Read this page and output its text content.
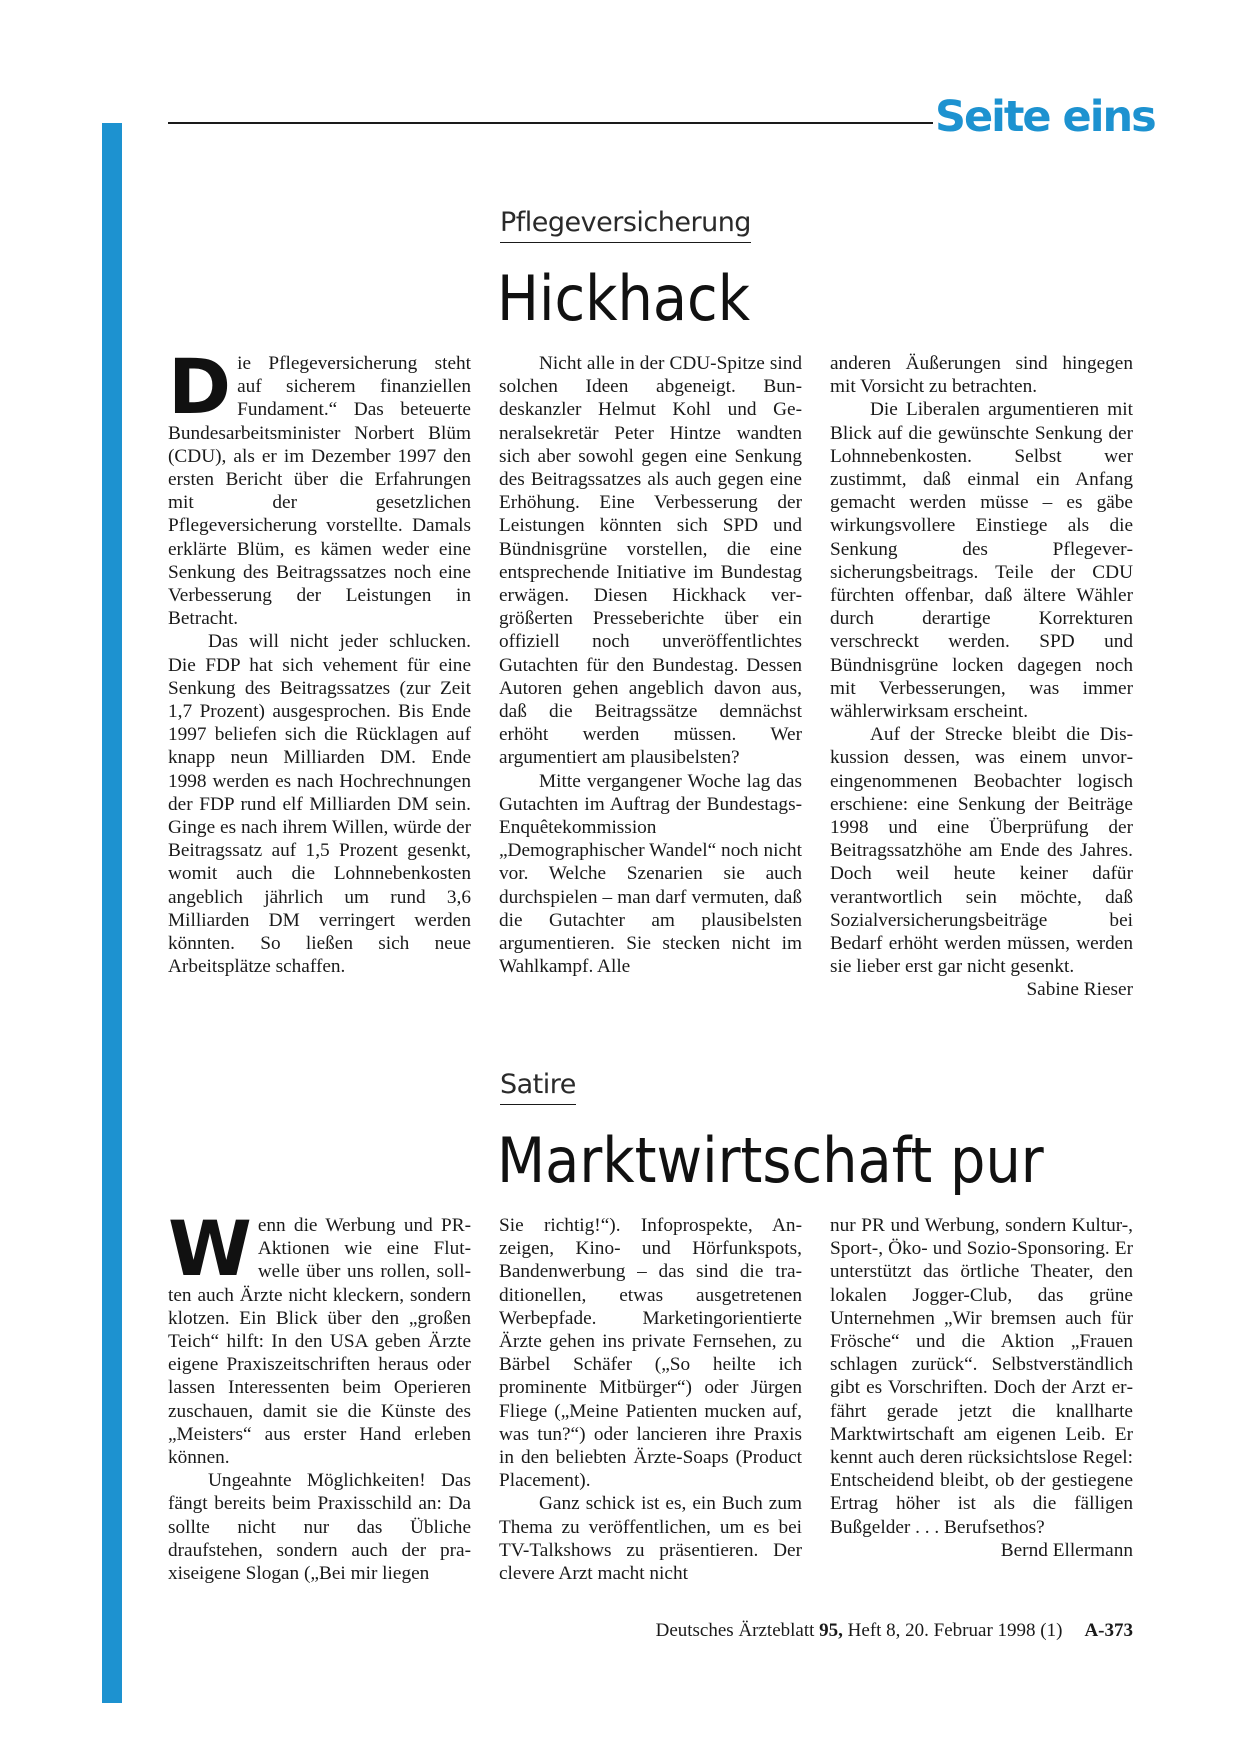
Seite eins
Pflegeversicherung
Hickhack

Die Pflegeversicherung steht auf sicherem finanziellen Fundament.“ Das beteuerte Bundesarbeitsminister Norbert Blüm (CDU), als er im Dezember 1997 den ersten Bericht über die Erfahrungen mit der gesetzlichen Pflegeversicherung vorstellte. Damals erklärte Blüm, es kämen weder eine Senkung des Beitragssatzes noch eine Verbesserung der Leistungen in Betracht.

Das will nicht jeder schlucken. Die FDP hat sich vehement für eine Senkung des Beitragssatzes (zur Zeit 1,7 Prozent) ausgesprochen. Bis Ende 1997 beliefen sich die Rücklagen auf knapp neun Milliarden DM. Ende 1998 werden es nach Hochrechnungen der FDP rund elf Milliarden DM sein. Ginge es nach ihrem Willen, würde der Beitragssatz auf 1,5 Prozent gesenkt, womit auch die Lohnnebenkosten angeblich jährlich um rund 3,6 Milliarden DM verringert werden könnten. So ließen sich neue Arbeitsplätze schaffen.

Nicht alle in der CDU-Spitze sind solchen Ideen abgeneigt. Bundeskanzler Helmut Kohl und Generalsekretär Peter Hintze wandten sich aber sowohl gegen eine Senkung des Beitragssatzes als auch gegen eine Erhöhung. Eine Verbesserung der Leistungen könnten sich SPD und Bündnisgrüne vorstellen, die eine entsprechende Initiative im Bundestag erwägen. Diesen Hickhack vergrößerten Presseberichte über ein offiziell noch unveröffentlichtes Gutachten für den Bundestag. Dessen Autoren gehen angeblich davon aus, daß die Beitragssätze demnächst erhöht werden müssen. Wer argumentiert am plausibelsten?

Mitte vergangener Woche lag das Gutachten im Auftrag der Bundestags-Enquêtekommission „Demographischer Wandel“ noch nicht vor. Welche Szenarien sie auch durchspielen – man darf vermuten, daß die Gutachter am plausibelsten argumentieren. Sie stecken nicht im Wahlkampf. Alle

anderen Äußerungen sind hingegen mit Vorsicht zu betrachten.

Die Liberalen argumentieren mit Blick auf die gewünschte Senkung der Lohnnebenkosten. Selbst wer zustimmt, daß einmal ein Anfang gemacht werden müsse – es gäbe wirkungsvollere Einstiege als die Senkung des Pflegeversicherungsbeitrags. Teile der CDU fürchten offenbar, daß ältere Wähler durch derartige Korrekturen verschreckt werden. SPD und Bündnisgrüne locken dagegen noch mit Verbesserungen, was immer wählerwirksam erscheint.

Auf der Strecke bleibt die Diskussion dessen, was einem unvoreingenommenen Beobachter logisch erschiene: eine Senkung der Beiträge 1998 und eine Überprüfung der Beitragssatzhöhe am Ende des Jahres. Doch weil heute keiner dafür verantwortlich sein möchte, daß Sozialversicherungsbeiträge bei Bedarf erhöht werden müssen, werden sie lieber erst gar nicht gesenkt.
Sabine Rieser

Satire
Marktwirtschaft pur

Wenn die Werbung und PR-Aktionen wie eine Flutwelle über uns rollen, sollten auch Ärzte nicht kleckern, sondern klotzen. Ein Blick über den „großen Teich“ hilft: In den USA geben Ärzte eigene Praxiszeitschriften heraus oder lassen Interessenten beim Operieren zuschauen, damit sie die Künste des „Meisters“ aus erster Hand erleben können.

Ungeahnte Möglichkeiten! Das fängt bereits beim Praxisschild an: Da sollte nicht nur das Übliche draufstehen, sondern auch der praxiseigene Slogan („Bei mir liegen

Sie richtig!“). Infoprospekte, Anzeigen, Kino- und Hörfunkspots, Bandenwerbung – das sind die traditionellen, etwas ausgetretenen Werbepfade. Marketingorientierte Ärzte gehen ins private Fernsehen, zu Bärbel Schäfer („So heilte ich prominente Mitbürger“) oder Jürgen Fliege („Meine Patienten mucken auf, was tun?“) oder lancieren ihre Praxis in den beliebten Ärzte-Soaps (Product Placement).

Ganz schick ist es, ein Buch zum Thema zu veröffentlichen, um es bei TV-Talkshows zu präsentieren. Der clevere Arzt macht nicht

nur PR und Werbung, sondern Kultur-, Sport-, Öko- und Sozio-Sponsoring. Er unterstützt das örtliche Theater, den lokalen Jogger-Club, das grüne Unternehmen „Wir bremsen auch für Frösche“ und die Aktion „Frauen schlagen zurück“. Selbstverständlich gibt es Vorschriften. Doch der Arzt erfährt gerade jetzt die knallharte Marktwirtschaft am eigenen Leib. Er kennt auch deren rücksichtslose Regel: Entscheidend bleibt, ob der gestiegene Ertrag höher ist als die fälligen Bußgelder . . . Berufsethos?
Bernd Ellermann

Deutsches Ärzteblatt 95, Heft 8, 20. Februar 1998 (1) A-373
